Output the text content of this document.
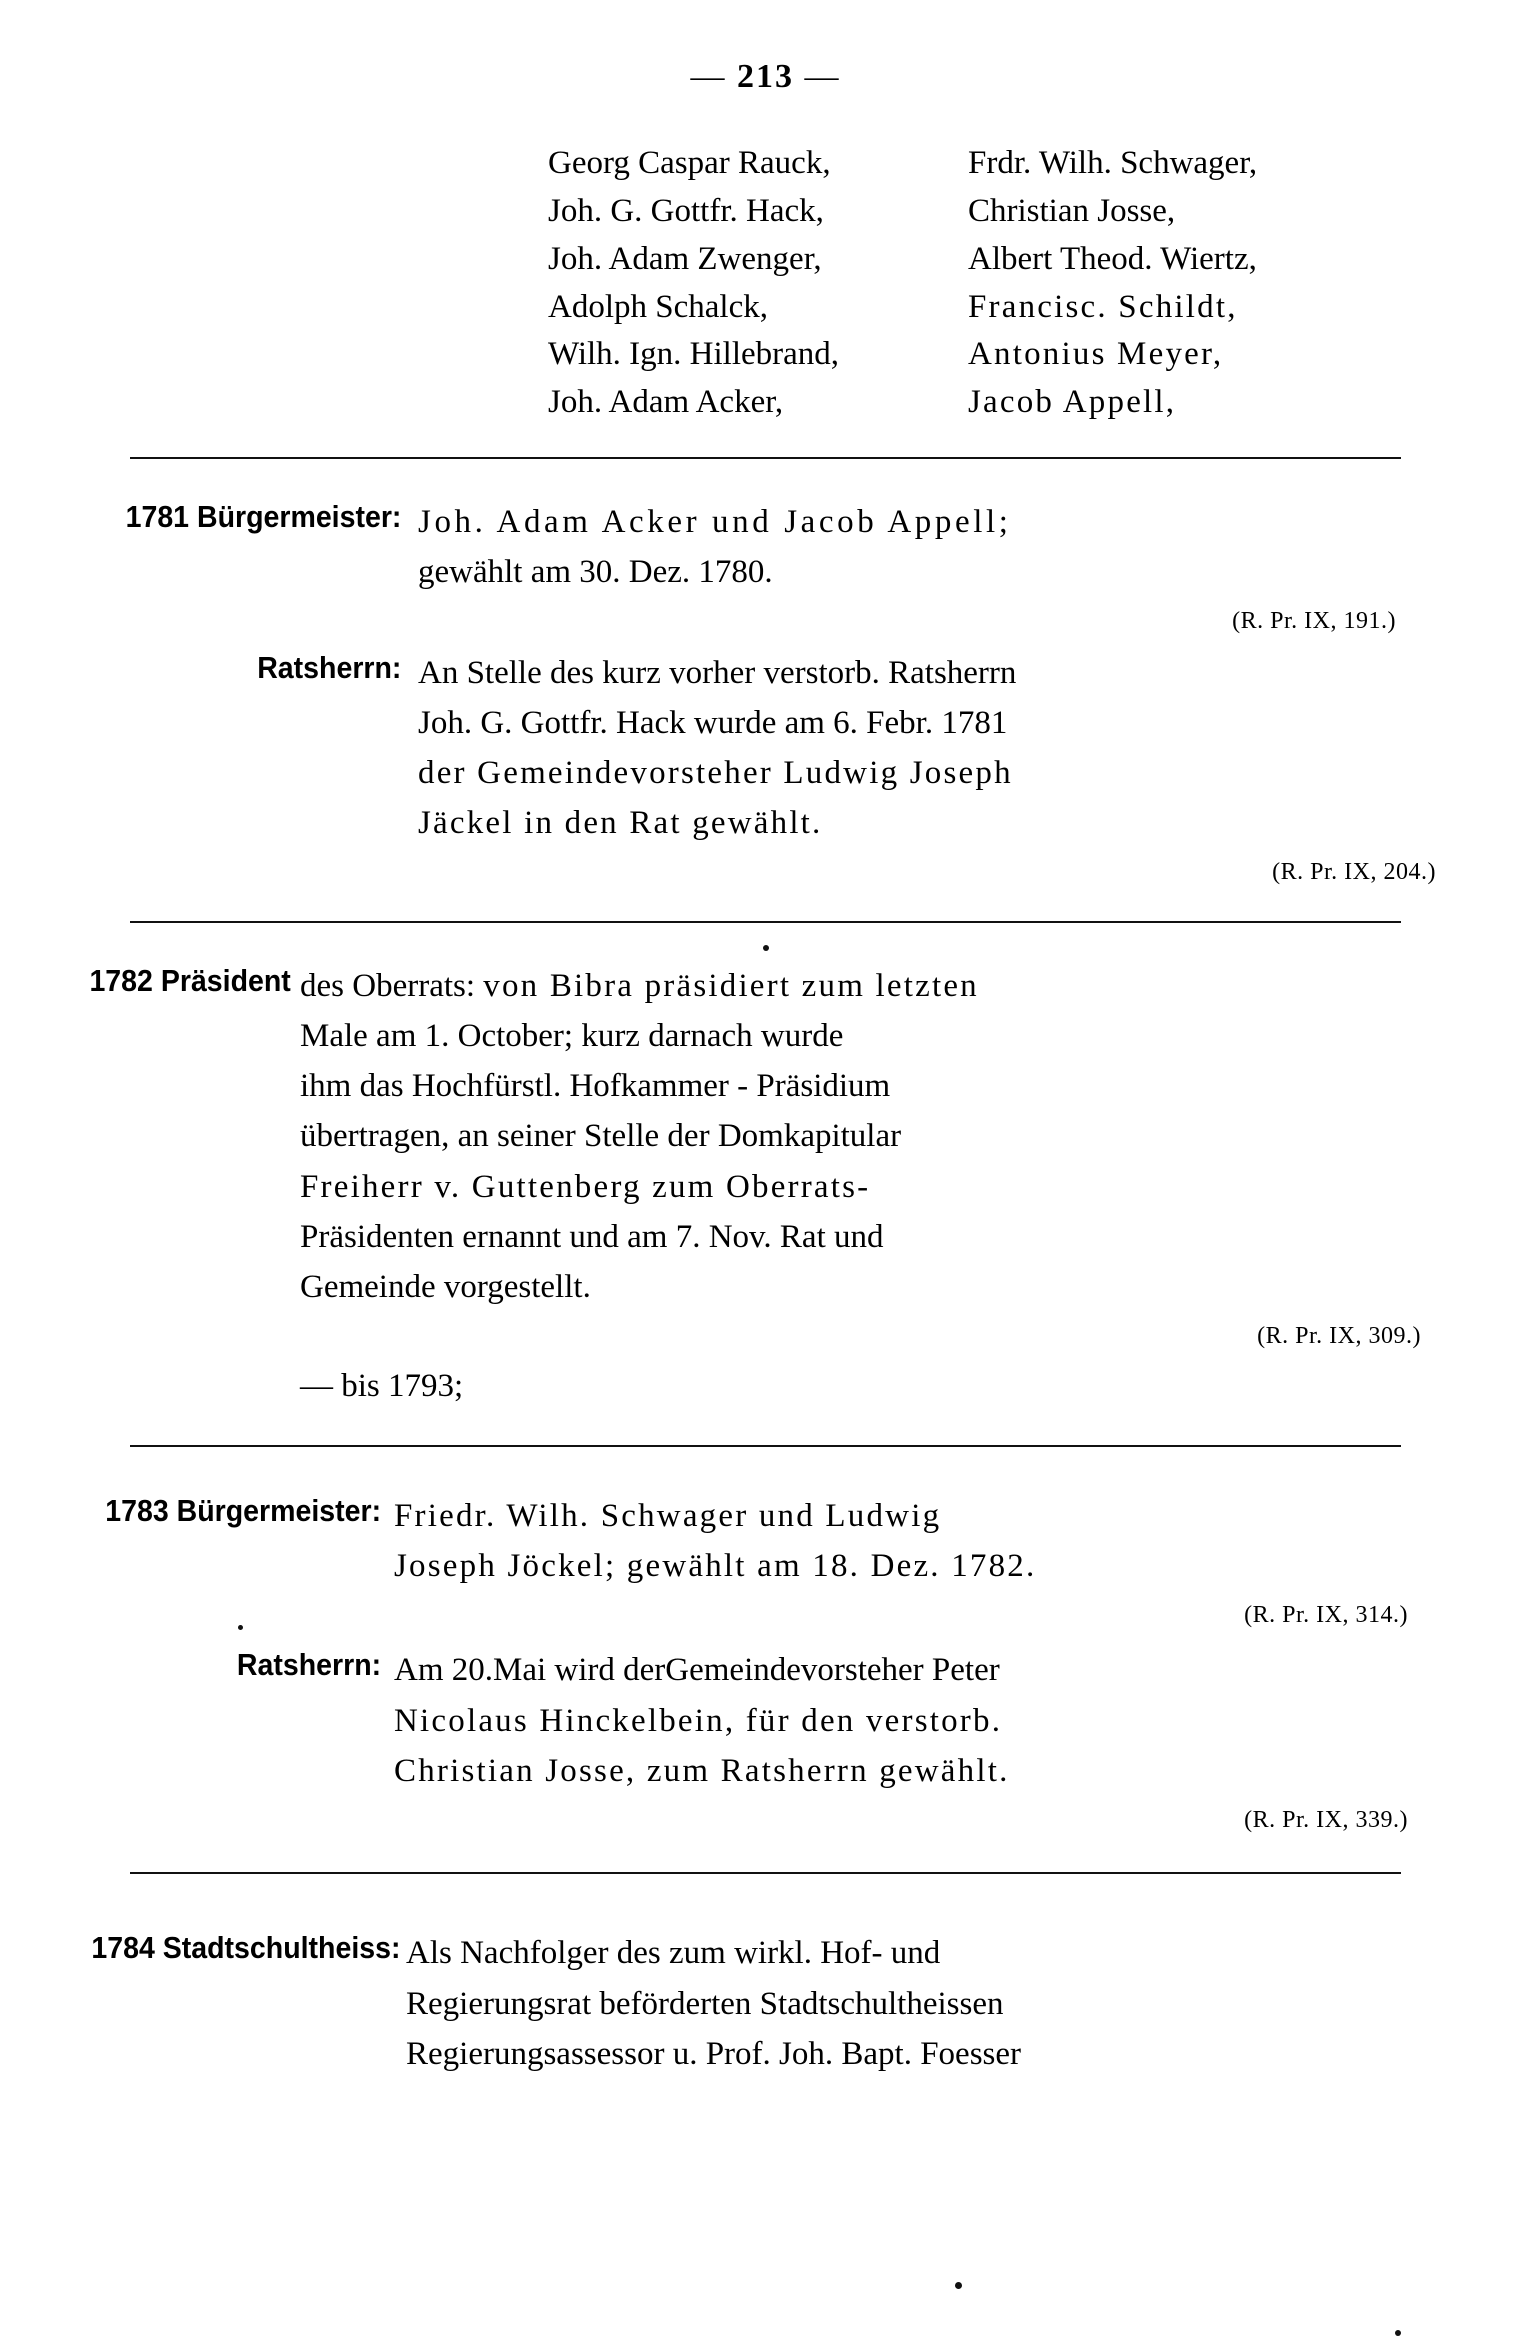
— 213 —
Georg Caspar Rauck,	Frdr. Wilh. Schwager,
Joh. G. Gottfr. Hack,	Christian Josse,
Joh. Adam Zwenger,	Albert Theod. Wiertz,
Adolph Schalck,	Francisc. Schildt,
Wilh. Ign. Hillebrand,	Antonius Meyer,
Joh. Adam Acker,	Jacob Appell,
1781 Bürgermeister: Joh. Adam Acker und Jacob Appell;

gewählt am 30. Dez. 1780.

(R. Pr. IX, 191.)
Ratsherrn: An Stelle des kurz vorher verstorb. Ratsherrn

Joh. G. Gottfr. Hack wurde am 6. Febr. 1781

der Gemeindevorsteher Ludwig Joseph

Jäckel in den Rat gewählt.

(R. Pr. IX, 204.)
1782 Präsident des Oberrats: von Bibra präsidiert zum letzten

Male am 1. October; kurz darnach wurde

ihm das Hochfürstl. Hofkammer - Präsidium

übertragen, an seiner Stelle der Domkapitular

Freiherr v. Guttenberg zum Oberrats-

Präsidenten ernannt und am 7. Nov. Rat und

Gemeinde vorgestellt.

(R. Pr. IX, 309.)

— bis 1793;

1783 Bürgermeister: Friedr. Wilh. Schwager und Ludwig

Joseph Jöckel; gewählt am 18. Dez. 1782.

(R. Pr. IX, 314.)
Ratsherrn: Am 20.Mai wird derGemeindevorsteher Peter

Nicolaus Hinckelbein, für den verstorb.

Christian Josse, zum Ratsherrn gewählt.

(R. Pr. IX, 339.)
1784 Stadtschultheiss: Als Nachfolger des zum wirkl. Hof- und

Regierungsrat beförderten Stadtschultheissen

Regierungsassessor u. Prof. Joh. Bapt. Foesser
